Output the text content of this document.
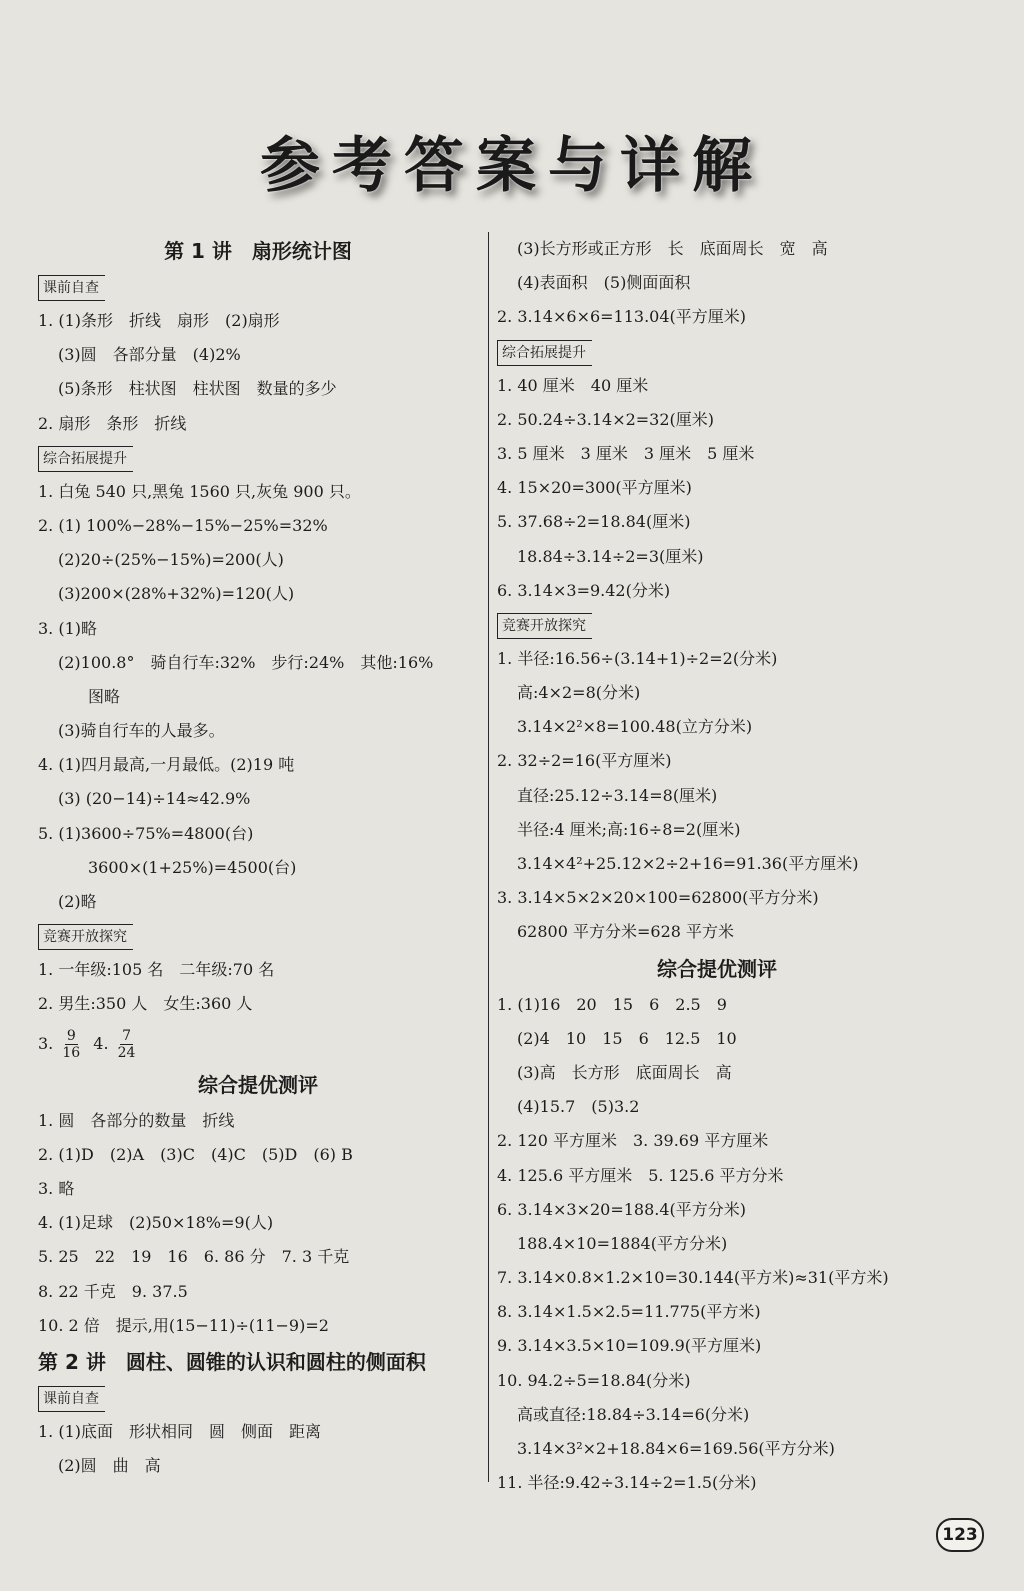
参考答案与详解
第 1 讲　扇形统计图
课前自查
1. (1)条形　折线　扇形　(2)扇形
(3)圆　各部分量　(4)2%
(5)条形　柱状图　柱状图　数量的多少
2. 扇形　条形　折线
综合拓展提升
1. 白兔 540 只,黑兔 1560 只,灰兔 900 只。
2. (1) 100%−28%−15%−25%=32%
(2)20÷(25%−15%)=200(人)
(3)200×(28%+32%)=120(人)
3. (1)略
(2)100.8°　骑自行车:32%　步行:24%　其他:16%
图略
(3)骑自行车的人最多。
4. (1)四月最高,一月最低。(2)19 吨
(3) (20−14)÷14≈42.9%
5. (1)3600÷75%=4800(台)
3600×(1+25%)=4500(台)
(2)略
竞赛开放探究
1. 一年级:105 名　二年级:70 名
2. 男生:350 人　女生:360 人
3. $\frac{9}{16} 4$. $\frac{7}{24}$
综合提优测评
1. 圆　各部分的数量　折线
2. (1)D　(2)A　(3)C　(4)C　(5)D　(6) B
3. 略
4. (1)足球　(2)50×18%=9(人)
5. 25　22　19　16　6. 86 分　7. 3 千克
8. 22 千克　9. 37.5
10. 2 倍　提示,用(15−11)÷(11−9)=2
第 2 讲　圆柱、圆锥的认识和圆柱的侧面积
课前自查
1. (1)底面　形状相同　圆　侧面　距离
(2)圆　曲　高
(3)长方形或正方形　长　底面周长　宽　高
(4)表面积　(5)侧面面积
2. 3.14×6×6=113.04(平方厘米)
综合拓展提升
1. 40 厘米　40 厘米
2. 50.24÷3.14×2=32(厘米)
3. 5 厘米　3 厘米　3 厘米　5 厘米
4. 15×20=300(平方厘米)
5. 37.68÷2=18.84(厘米)
18.84÷3.14÷2=3(厘米)
6. 3.14×3=9.42(分米)
竞赛开放探究
1. 半径:16.56÷(3.14+1)÷2=2(分米)
高:4×2=8(分米)
3.14×2²×8=100.48(立方分米)
2. 32÷2=16(平方厘米)
直径:25.12÷3.14=8(厘米)
半径:4 厘米;高:16÷8=2(厘米)
3.14×4²+25.12×2÷2+16=91.36(平方厘米)
3. 3.14×5×2×20×100=62800(平方分米)
62800 平方分米=628 平方米
综合提优测评
1. (1)16　20　15　6　2.5　9
(2)4　10　15　6　12.5　10
(3)高　长方形　底面周长　高
(4)15.7　(5)3.2
2. 120 平方厘米　3. 39.69 平方厘米
4. 125.6 平方厘米　5. 125.6 平方分米
6. 3.14×3×20=188.4(平方分米)
188.4×10=1884(平方分米)
7. 3.14×0.8×1.2×10=30.144(平方米)≈31(平方米)
8. 3.14×1.5×2.5=11.775(平方米)
9. 3.14×3.5×10=109.9(平方厘米)
10. 94.2÷5=18.84(分米)
高或直径:18.84÷3.14=6(分米)
3.14×3²×2+18.84×6=169.56(平方分米)
11. 半径:9.42÷3.14÷2=1.5(分米)
123
